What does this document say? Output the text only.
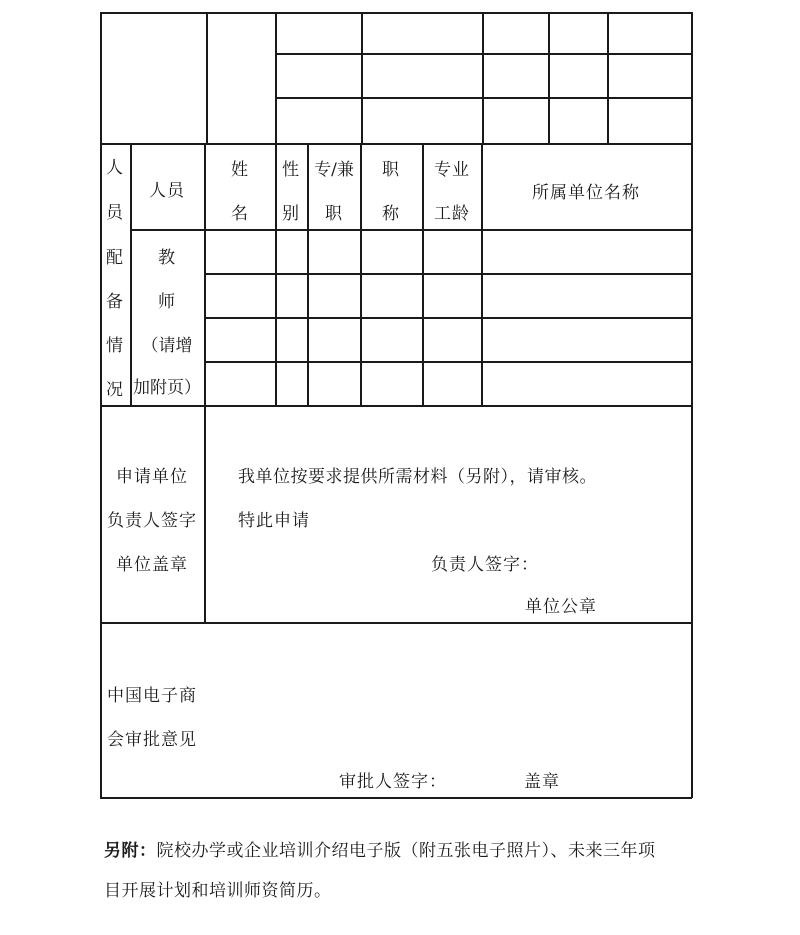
人
员
配
备
情
况
人员
教
师
（请增
加附页）
姓
名
性
别
专/兼
职
职
称
专业
工龄
所属单位名称
申请单位
负责人签字
单位盖章
我单位按要求提供所需材料（另附），请审核。
特此申请
负责人签字：
单位公章
中国电子商
会审批意见
审批人签字：	盖章
另附：院校办学或企业培训介绍电子版（附五张电子照片）、未来三年项
目开展计划和培训师资简历。
